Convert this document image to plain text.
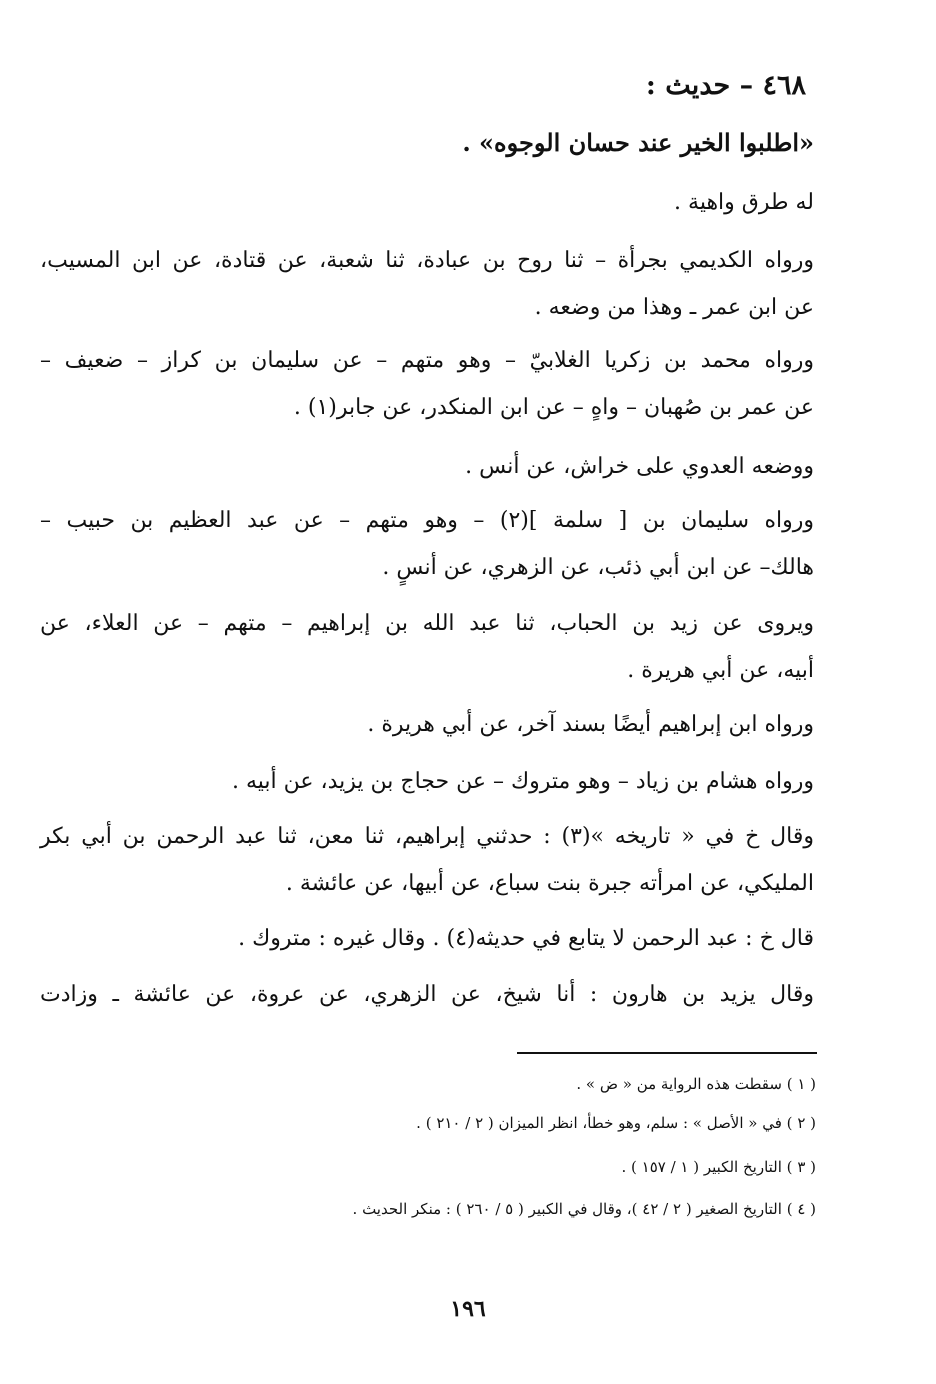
٤٦٨ – حديث :
«اطلبوا الخير عند حسان الوجوه» .
له طرق واهية .
ورواه الكديمي بجرأة – ثنا روح بن عبادة، ثنا شعبة، عن قتادة، عن ابن المسيب،
عن ابن عمر ـ وهذا من وضعه .
ورواه محمد بن زكريا الغلابيّ – وهو متهم – عن سليمان بن كراز – ضعيف –
عن عمر بن صُهبان – واهٍ – عن ابن المنكدر، عن جابر(١) .
ووضعه العدوي على خراش، عن أنس .
ورواه سليمان بن [ سلمة ](٢) – وهو متهم – عن عبد العظيم بن حبيب –
هالك– عن ابن أبي ذئب، عن الزهري، عن أنسٍ .
ويروى عن زيد بن الحباب، ثنا عبد الله بن إبراهيم – متهم – عن العلاء، عن
أبيه، عن أبي هريرة .
ورواه ابن إبراهيم أيضًا بسند آخر، عن أبي هريرة .
ورواه هشام بن زياد – وهو متروك – عن حجاج بن يزيد، عن أبيه .
وقال خ في « تاريخه »(٣) : حدثني إبراهيم، ثنا معن، ثنا عبد الرحمن بن أبي بكر
المليكي، عن امرأته جبرة بنت سباع، عن أبيها، عن عائشة .
قال خ : عبد الرحمن لا يتابع في حديثه(٤) . وقال غيره : متروك .
وقال يزيد بن هارون : أنا شيخ، عن الزهري، عن عروة، عن عائشة ـ وزادت
( ١ ) سقطت هذه الرواية من « ض » .
( ٢ ) في « الأصل » : سلم، وهو خطأ، انظر الميزان ( ٢ / ٢١٠ ) .
( ٣ ) التاريخ الكبير ( ١ / ١٥٧ ) .
( ٤ ) التاريخ الصغير ( ٢ / ٤٢ )، وقال في الكبير ( ٥ / ٢٦٠ ) : منكر الحديث .
١٩٦
